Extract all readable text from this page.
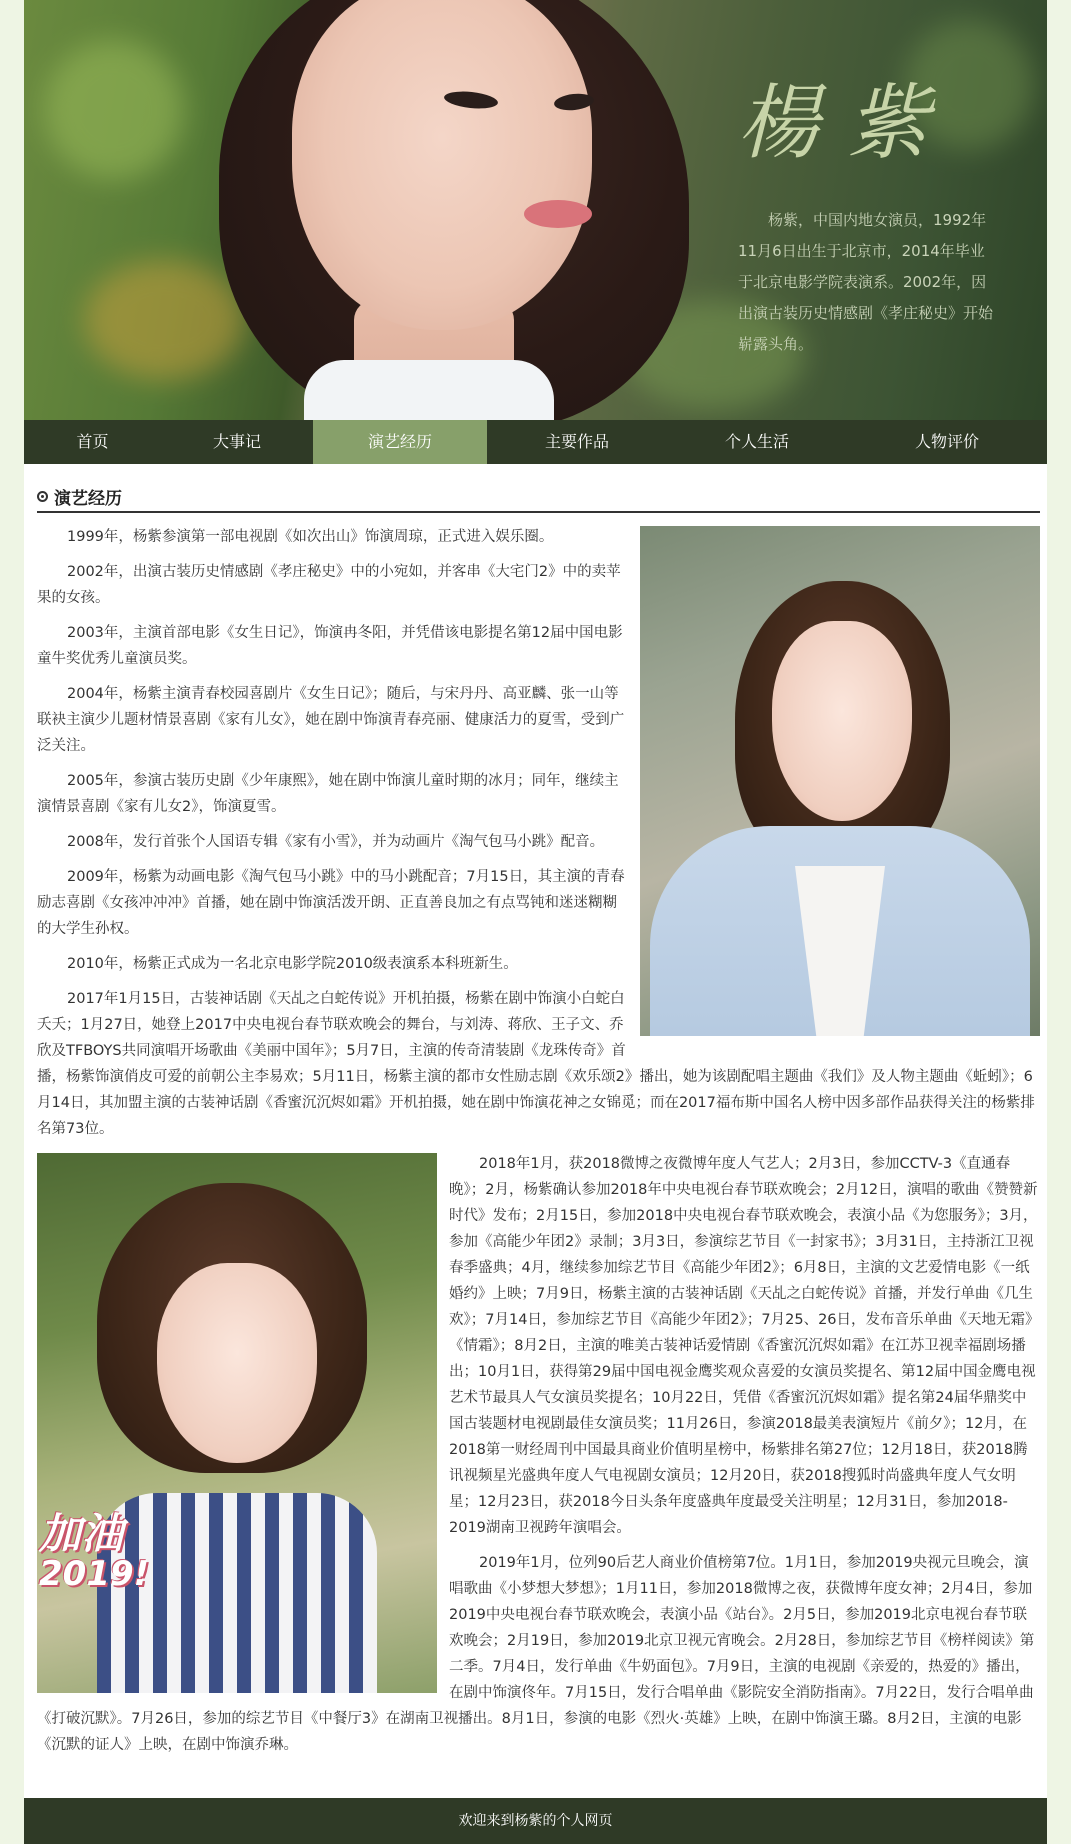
楊紫

杨紫，中国内地女演员，1992年11月6日出生于北京市，2014年毕业于北京电影学院表演系。2002年，因出演古装历史情感剧《孝庄秘史》开始崭露头角。

首页	大事记	演艺经历	主要作品	个人生活	人物评价
演艺经历

1999年，杨紫参演第一部电视剧《如次出山》饰演周琼，正式进入娱乐圈。

2002年，出演古装历史情感剧《孝庄秘史》中的小宛如，并客串《大宅门2》中的卖苹果的女孩。

2003年，主演首部电影《女生日记》，饰演冉冬阳，并凭借该电影提名第12届中国电影童牛奖优秀儿童演员奖。

2004年，杨紫主演青春校园喜剧片《女生日记》；随后，与宋丹丹、高亚麟、张一山等联袂主演少儿题材情景喜剧《家有儿女》，她在剧中饰演青春亮丽、健康活力的夏雪，受到广泛关注。

2005年，参演古装历史剧《少年康熙》，她在剧中饰演儿童时期的冰月；同年，继续主演情景喜剧《家有儿女2》，饰演夏雪。

2008年，发行首张个人国语专辑《家有小雪》，并为动画片《淘气包马小跳》配音。

2009年，杨紫为动画电影《淘气包马小跳》中的马小跳配音；7月15日，其主演的青春励志喜剧《女孩冲冲冲》首播，她在剧中饰演活泼开朗、正直善良加之有点骂钝和迷迷糊糊的大学生孙权。

2010年，杨紫正式成为一名北京电影学院2010级表演系本科班新生。

2017年1月15日，古装神话剧《天乩之白蛇传说》开机拍摄，杨紫在剧中饰演小白蛇白夭夭；1月27日，她登上2017中央电视台春节联欢晚会的舞台，与刘涛、蒋欣、王子文、乔欣及TFBOYS共同演唱开场歌曲《美丽中国年》；5月7日，主演的传奇清装剧《龙珠传奇》首播，杨紫饰演俏皮可爱的前朝公主李易欢；5月11日，杨紫主演的都市女性励志剧《欢乐颂2》播出，她为该剧配唱主题曲《我们》及人物主题曲《蚯蚓》；6月14日，其加盟主演的古装神话剧《香蜜沉沉烬如霜》开机拍摄，她在剧中饰演花神之女锦觅；而在2017福布斯中国名人榜中因多部作品获得关注的杨紫排名第73位。

加油
2019!

2018年1月，获2018微博之夜微博年度人气艺人；2月3日，参加CCTV-3《直通春晚》；2月，杨紫确认参加2018年中央电视台春节联欢晚会；2月12日，演唱的歌曲《赞赞新时代》发布；2月15日，参加2018中央电视台春节联欢晚会，表演小品《为您服务》；3月，参加《高能少年团2》录制；3月3日，参演综艺节目《一封家书》；3月31日，主持浙江卫视春季盛典；4月，继续参加综艺节目《高能少年团2》；6月8日，主演的文艺爱情电影《一纸婚约》上映；7月9日，杨紫主演的古装神话剧《天乩之白蛇传说》首播，并发行单曲《几生欢》；7月14日，参加综艺节目《高能少年团2》；7月25、26日，发布音乐单曲《天地无霜》《情霜》；8月2日，主演的唯美古装神话爱情剧《香蜜沉沉烬如霜》在江苏卫视幸福剧场播出；10月1日，获得第29届中国电视金鹰奖观众喜爱的女演员奖提名、第12届中国金鹰电视艺术节最具人气女演员奖提名；10月22日，凭借《香蜜沉沉烬如霜》提名第24届华鼎奖中国古装题材电视剧最佳女演员奖；11月26日，参演2018最美表演短片《前夕》；12月，在2018第一财经周刊中国最具商业价值明星榜中，杨紫排名第27位；12月18日，获2018腾讯视频星光盛典年度人气电视剧女演员；12月20日，获2018搜狐时尚盛典年度人气女明星；12月23日，获2018今日头条年度盛典年度最受关注明星；12月31日，参加2018-2019湖南卫视跨年演唱会。

2019年1月，位列90后艺人商业价值榜第7位。1月1日，参加2019央视元旦晚会，演唱歌曲《小梦想大梦想》；1月11日，参加2018微博之夜，获微博年度女神；2月4日，参加2019中央电视台春节联欢晚会，表演小品《站台》。2月5日，参加2019北京电视台春节联欢晚会；2月19日，参加2019北京卫视元宵晚会。2月28日，参加综艺节目《榜样阅读》第二季。7月4日，发行单曲《牛奶面包》。7月9日，主演的电视剧《亲爱的，热爱的》播出，在剧中饰演佟年。7月15日，发行合唱单曲《影院安全消防指南》。7月22日，发行合唱单曲《打破沉默》。7月26日，参加的综艺节目《中餐厅3》在湖南卫视播出。8月1日，参演的电影《烈火·英雄》上映，在剧中饰演王璐。8月2日，主演的电影《沉默的证人》上映，在剧中饰演乔琳。

欢迎来到杨紫的个人网页
